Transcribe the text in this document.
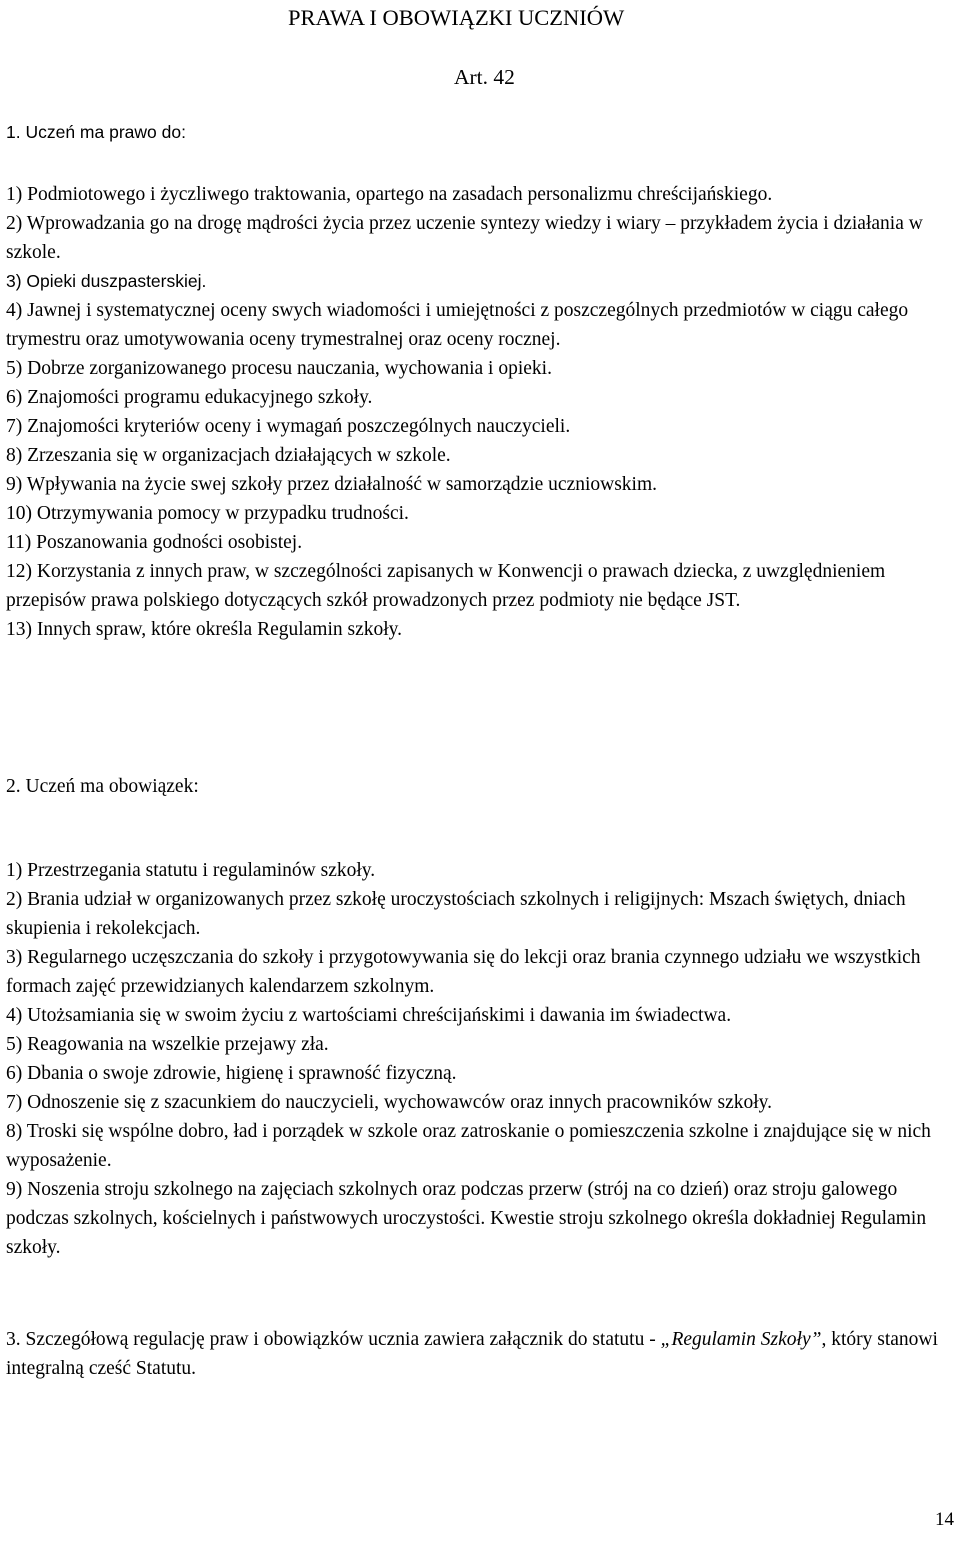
PRAWA I OBOWIĄZKI UCZNIÓW

Art. 42

1. Uczeń ma prawo do:
1) Podmiotowego i życzliwego traktowania, opartego na zasadach personalizmu chreścijańskiego.
2) Wprowadzania go na drogę mądrości życia przez uczenie syntezy wiedzy i wiary – przykładem życia i działania w szkole.
3) Opieki duszpasterskiej.
4) Jawnej i systematycznej oceny swych wiadomości i umiejętności z poszczególnych przedmiotów w ciągu całego trymestru oraz umotywowania oceny trymestralnej oraz oceny rocznej.
5) Dobrze zorganizowanego procesu nauczania, wychowania i opieki.
6) Znajomości programu edukacyjnego szkoły.
7) Znajomości kryteriów oceny i wymagań poszczególnych nauczycieli.
8) Zrzeszania się w organizacjach działających w szkole.
9) Wpływania na życie swej szkoły przez działalność w samorządzie uczniowskim.
10) Otrzymywania pomocy w przypadku trudności.
11) Poszanowania godności osobistej.
12) Korzystania z innych praw, w szczególności zapisanych w Konwencji o prawach dziecka, z uwzględnieniem przepisów prawa polskiego dotyczących szkół prowadzonych przez podmioty nie będące JST.
13) Innych spraw, które określa Regulamin szkoły.
2. Uczeń ma obowiązek:
1) Przestrzegania statutu i regulaminów szkoły.
2) Brania udział w organizowanych przez szkołę uroczystościach szkolnych i religijnych: Mszach świętych, dniach skupienia i rekolekcjach.
3) Regularnego uczęszczania do szkoły i przygotowywania się do lekcji oraz brania czynnego udziału we wszystkich formach zajęć przewidzianych kalendarzem szkolnym.
4) Utożsamiania się w swoim życiu z wartościami chreścijańskimi i dawania im świadectwa.
5) Reagowania na wszelkie przejawy zła.
6) Dbania o swoje zdrowie, higienę i sprawność fizyczną.
7) Odnoszenie się z szacunkiem do nauczycieli, wychowawców oraz innych pracowników szkoły.
8) Troski się wspólne dobro, ład i porządek w szkole oraz zatroskanie o pomieszczenia szkolne i znajdujące się w nich wyposażenie.
9) Noszenia stroju szkolnego na zajęciach szkolnych oraz podczas przerw (strój na co dzień) oraz stroju galowego podczas szkolnych, kościelnych i państwowych uroczystości. Kwestie stroju szkolnego określa dokładniej Regulamin szkoły.

3. Szczegółową regulację praw i obowiązków ucznia zawiera załącznik do statutu - „Regulamin Szkoły”, który stanowi integralną cześć Statutu.

14
